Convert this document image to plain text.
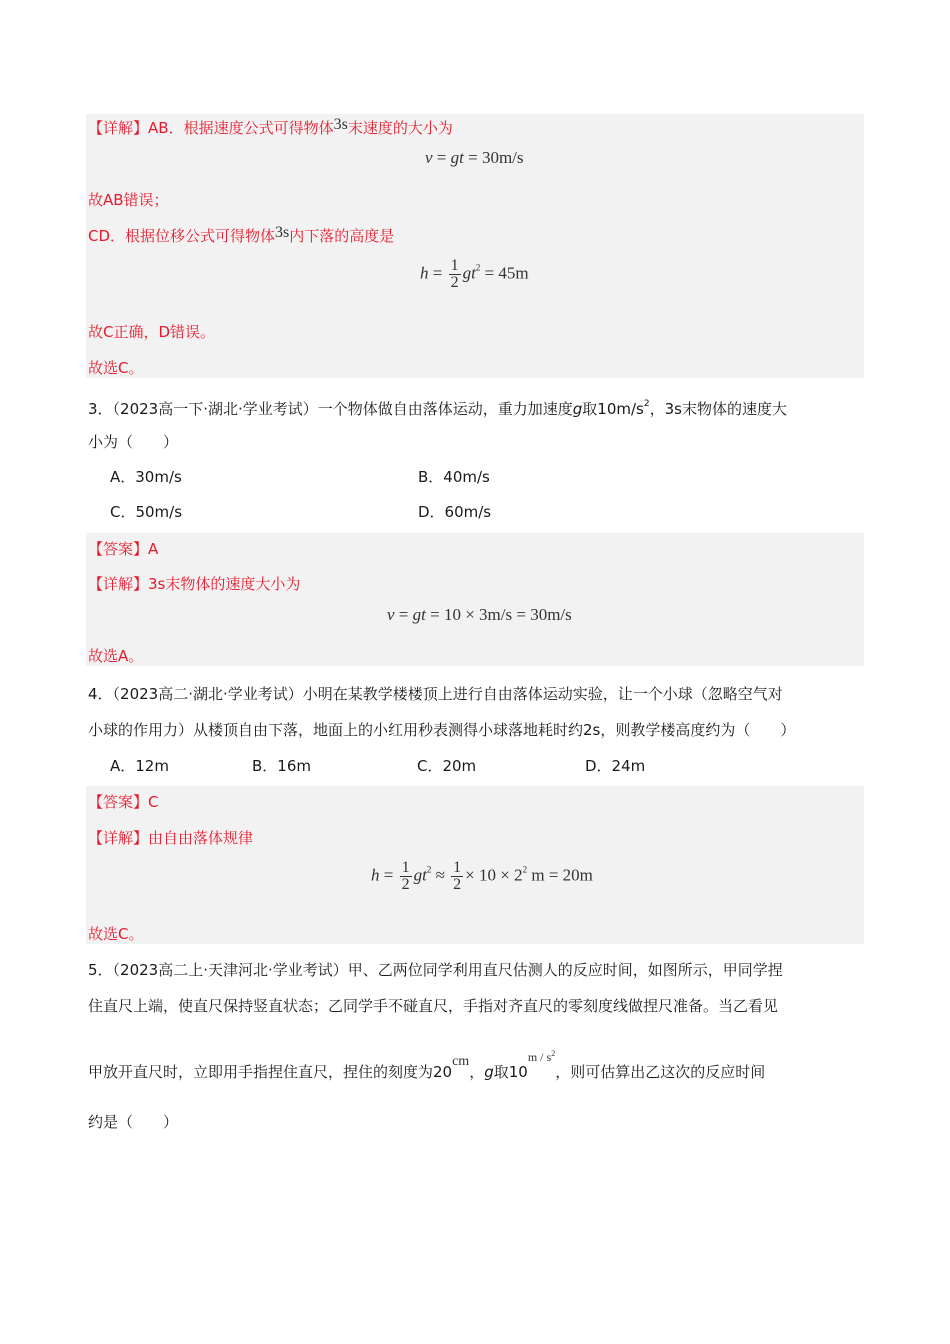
【详解】AB．根据速度公式可得物体3s末速度的大小为
v = gt = 30m/s
故AB错误；
CD．根据位移公式可得物体3s内下落的高度是
$h = \frac{1}{2} gt^2 = 45m$
故C正确，D错误。
故选C。
3．（2023高一下·湖北·学业考试）一个物体做自由落体运动，重力加速度g取$10m/s^2$，3s末物体的速度大
小为（　　）
A．30m/s	B．40m/s
C．50m/s	D．60m/s
【答案】A
【详解】3s末物体的速度大小为
v = gt = 10 × 3m/s = 30m/s
故选A。
4．（2023高二·湖北·学业考试）小明在某教学楼楼顶上进行自由落体运动实验，让一个小球（忽略空气对
小球的作用力）从楼顶自由下落，地面上的小红用秒表测得小球落地耗时约2s，则教学楼高度约为（　　）
A．12m	B．16m	C．20m	D．24m
【答案】C
【详解】由自由落体规律
$h = \frac{1}{2} gt^2 \approx \frac{1}{2} \times 10 \times 2^2$ m = 20m
故选C。
5．（2023高二上·天津河北·学业考试）甲、乙两位同学利用直尺估测人的反应时间，如图所示，甲同学捏
住直尺上端，使直尺保持竖直状态；乙同学手不碰直尺，手指对齐直尺的零刻度线做捏尺准备。当乙看见
甲放开直尺时，立即用手指捏住直尺，捏住的刻度为20cm，g取$10^{m / s^2}$，则可估算出乙这次的反应时间
约是（　　）
